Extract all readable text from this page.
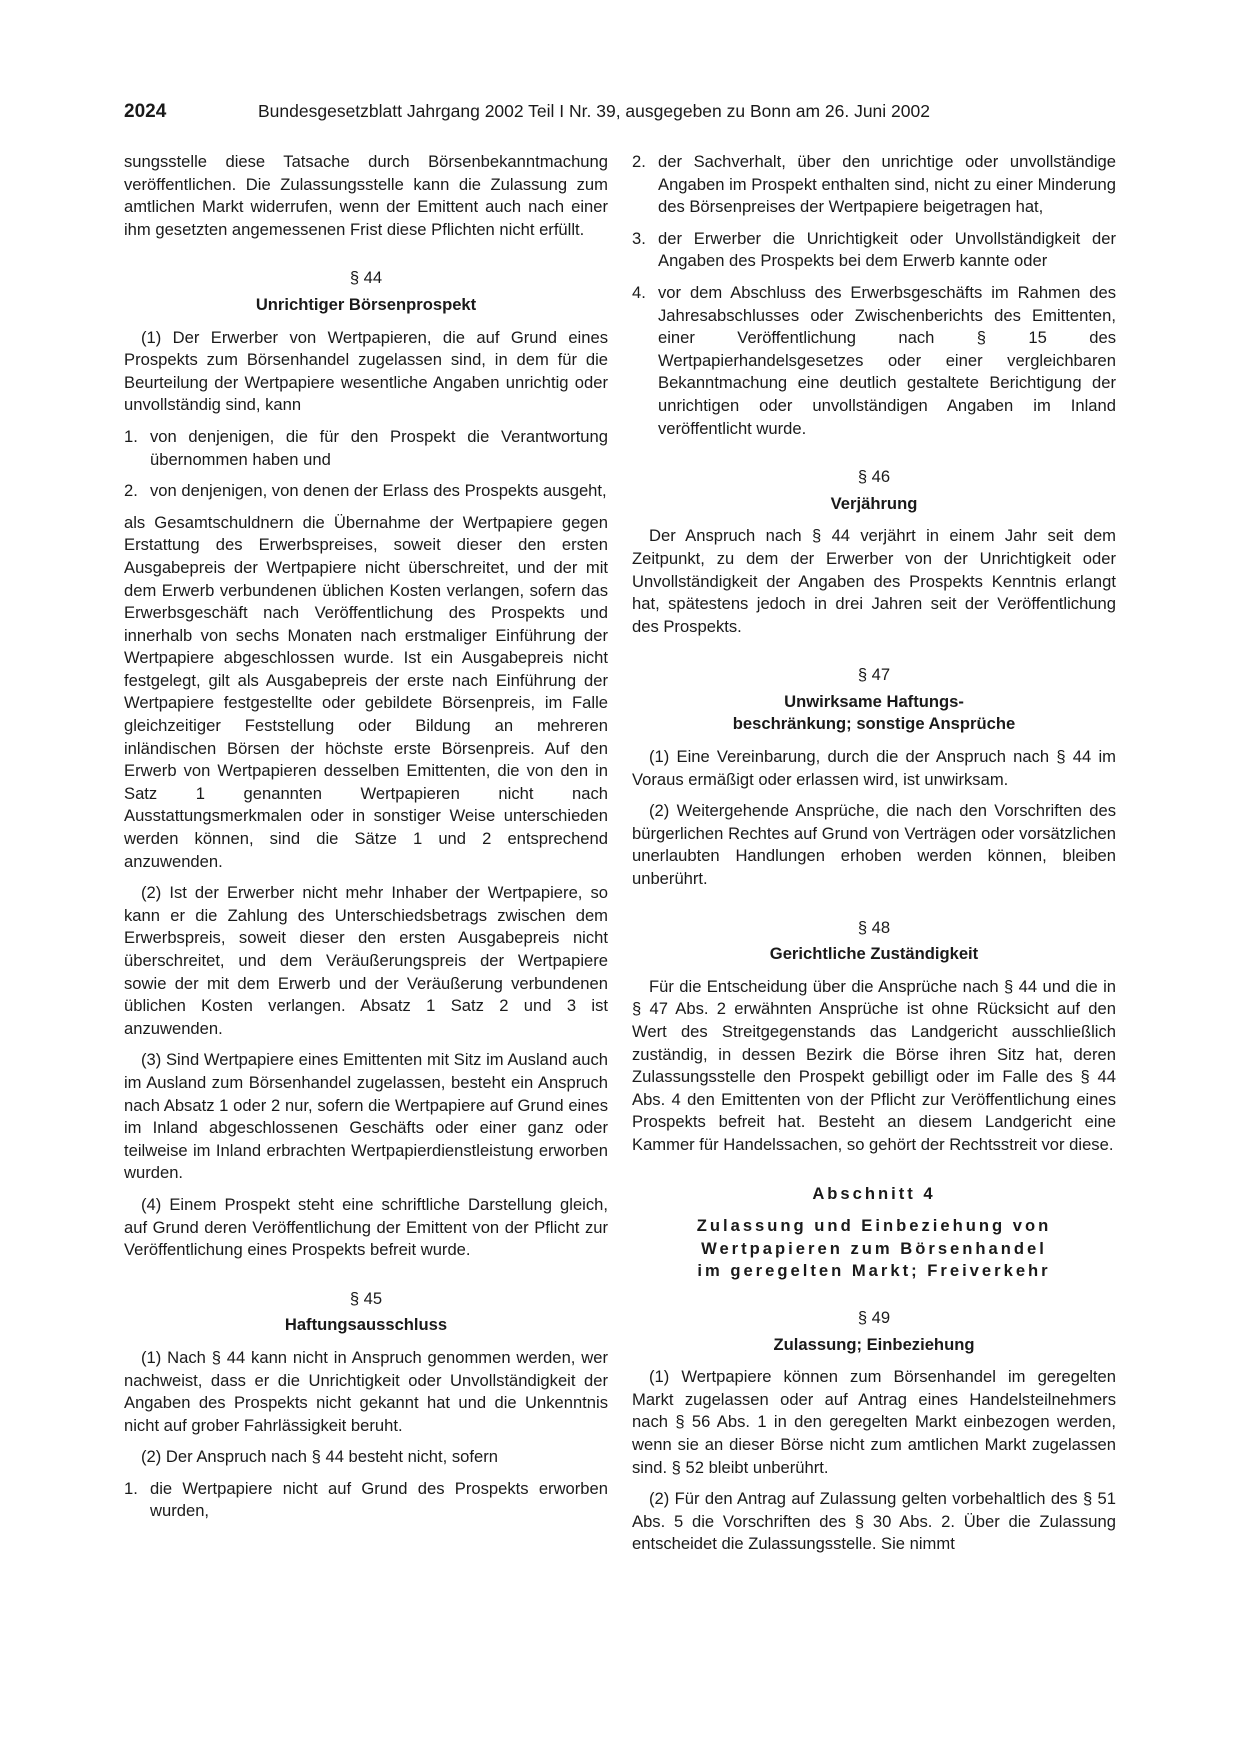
2024	Bundesgesetzblatt Jahrgang 2002 Teil I Nr. 39, ausgegeben zu Bonn am 26. Juni 2002

sungsstelle diese Tatsache durch Börsenbekanntmachung veröffentlichen. Die Zulassungsstelle kann die Zulassung zum amtlichen Markt widerrufen, wenn der Emittent auch nach einer ihm gesetzten angemessenen Frist diese Pflichten nicht erfüllt.

§ 44
Unrichtiger Börsenprospekt

(1) Der Erwerber von Wertpapieren, die auf Grund eines Prospekts zum Börsenhandel zugelassen sind, in dem für die Beurteilung der Wertpapiere wesentliche Angaben unrichtig oder unvollständig sind, kann

1. von denjenigen, die für den Prospekt die Verantwortung übernommen haben und
2. von denjenigen, von denen der Erlass des Prospekts ausgeht,

als Gesamtschuldnern die Übernahme der Wertpapiere gegen Erstattung des Erwerbspreises, soweit dieser den ersten Ausgabepreis der Wertpapiere nicht überschreitet, und der mit dem Erwerb verbundenen üblichen Kosten verlangen, sofern das Erwerbsgeschäft nach Veröffentlichung des Prospekts und innerhalb von sechs Monaten nach erstmaliger Einführung der Wertpapiere abgeschlossen wurde. Ist ein Ausgabepreis nicht festgelegt, gilt als Ausgabepreis der erste nach Einführung der Wertpapiere festgestellte oder gebildete Börsenpreis, im Falle gleichzeitiger Feststellung oder Bildung an mehreren inländischen Börsen der höchste erste Börsenpreis. Auf den Erwerb von Wertpapieren desselben Emittenten, die von den in Satz 1 genannten Wertpapieren nicht nach Ausstattungsmerkmalen oder in sonstiger Weise unterschieden werden können, sind die Sätze 1 und 2 entsprechend anzuwenden.

(2) Ist der Erwerber nicht mehr Inhaber der Wertpapiere, so kann er die Zahlung des Unterschiedsbetrags zwischen dem Erwerbspreis, soweit dieser den ersten Ausgabepreis nicht überschreitet, und dem Veräußerungspreis der Wertpapiere sowie der mit dem Erwerb und der Veräußerung verbundenen üblichen Kosten verlangen. Absatz 1 Satz 2 und 3 ist anzuwenden.

(3) Sind Wertpapiere eines Emittenten mit Sitz im Ausland auch im Ausland zum Börsenhandel zugelassen, besteht ein Anspruch nach Absatz 1 oder 2 nur, sofern die Wertpapiere auf Grund eines im Inland abgeschlossenen Geschäfts oder einer ganz oder teilweise im Inland erbrachten Wertpapierdienstleistung erworben wurden.

(4) Einem Prospekt steht eine schriftliche Darstellung gleich, auf Grund deren Veröffentlichung der Emittent von der Pflicht zur Veröffentlichung eines Prospekts befreit wurde.

§ 45
Haftungsausschluss

(1) Nach § 44 kann nicht in Anspruch genommen werden, wer nachweist, dass er die Unrichtigkeit oder Unvollständigkeit der Angaben des Prospekts nicht gekannt hat und die Unkenntnis nicht auf grober Fahrlässigkeit beruht.

(2) Der Anspruch nach § 44 besteht nicht, sofern

1. die Wertpapiere nicht auf Grund des Prospekts erworben wurden,
2. der Sachverhalt, über den unrichtige oder unvollständige Angaben im Prospekt enthalten sind, nicht zu einer Minderung des Börsenpreises der Wertpapiere beigetragen hat,
3. der Erwerber die Unrichtigkeit oder Unvollständigkeit der Angaben des Prospekts bei dem Erwerb kannte oder
4. vor dem Abschluss des Erwerbsgeschäfts im Rahmen des Jahresabschlusses oder Zwischenberichts des Emittenten, einer Veröffentlichung nach § 15 des Wertpapierhandelsgesetzes oder einer vergleichbaren Bekanntmachung eine deutlich gestaltete Berichtigung der unrichtigen oder unvollständigen Angaben im Inland veröffentlicht wurde.
§ 46
Verjährung

Der Anspruch nach § 44 verjährt in einem Jahr seit dem Zeitpunkt, zu dem der Erwerber von der Unrichtigkeit oder Unvollständigkeit der Angaben des Prospekts Kenntnis erlangt hat, spätestens jedoch in drei Jahren seit der Veröffentlichung des Prospekts.

§ 47
Unwirksame Haftungs-
beschränkung; sonstige Ansprüche

(1) Eine Vereinbarung, durch die der Anspruch nach § 44 im Voraus ermäßigt oder erlassen wird, ist unwirksam.

(2) Weitergehende Ansprüche, die nach den Vorschriften des bürgerlichen Rechtes auf Grund von Verträgen oder vorsätzlichen unerlaubten Handlungen erhoben werden können, bleiben unberührt.

§ 48
Gerichtliche Zuständigkeit

Für die Entscheidung über die Ansprüche nach § 44 und die in § 47 Abs. 2 erwähnten Ansprüche ist ohne Rücksicht auf den Wert des Streitgegenstands das Landgericht ausschließlich zuständig, in dessen Bezirk die Börse ihren Sitz hat, deren Zulassungsstelle den Prospekt gebilligt oder im Falle des § 44 Abs. 4 den Emittenten von der Pflicht zur Veröffentlichung eines Prospekts befreit hat. Besteht an diesem Landgericht eine Kammer für Handelssachen, so gehört der Rechtsstreit vor diese.

Abschnitt 4
Zulassung und Einbeziehung von
Wertpapieren zum Börsenhandel
im geregelten Markt; Freiverkehr
§ 49
Zulassung; Einbeziehung

(1) Wertpapiere können zum Börsenhandel im geregelten Markt zugelassen oder auf Antrag eines Handelsteilnehmers nach § 56 Abs. 1 in den geregelten Markt einbezogen werden, wenn sie an dieser Börse nicht zum amtlichen Markt zugelassen sind. § 52 bleibt unberührt.

(2) Für den Antrag auf Zulassung gelten vorbehaltlich des § 51 Abs. 5 die Vorschriften des § 30 Abs. 2. Über die Zulassung entscheidet die Zulassungsstelle. Sie nimmt
